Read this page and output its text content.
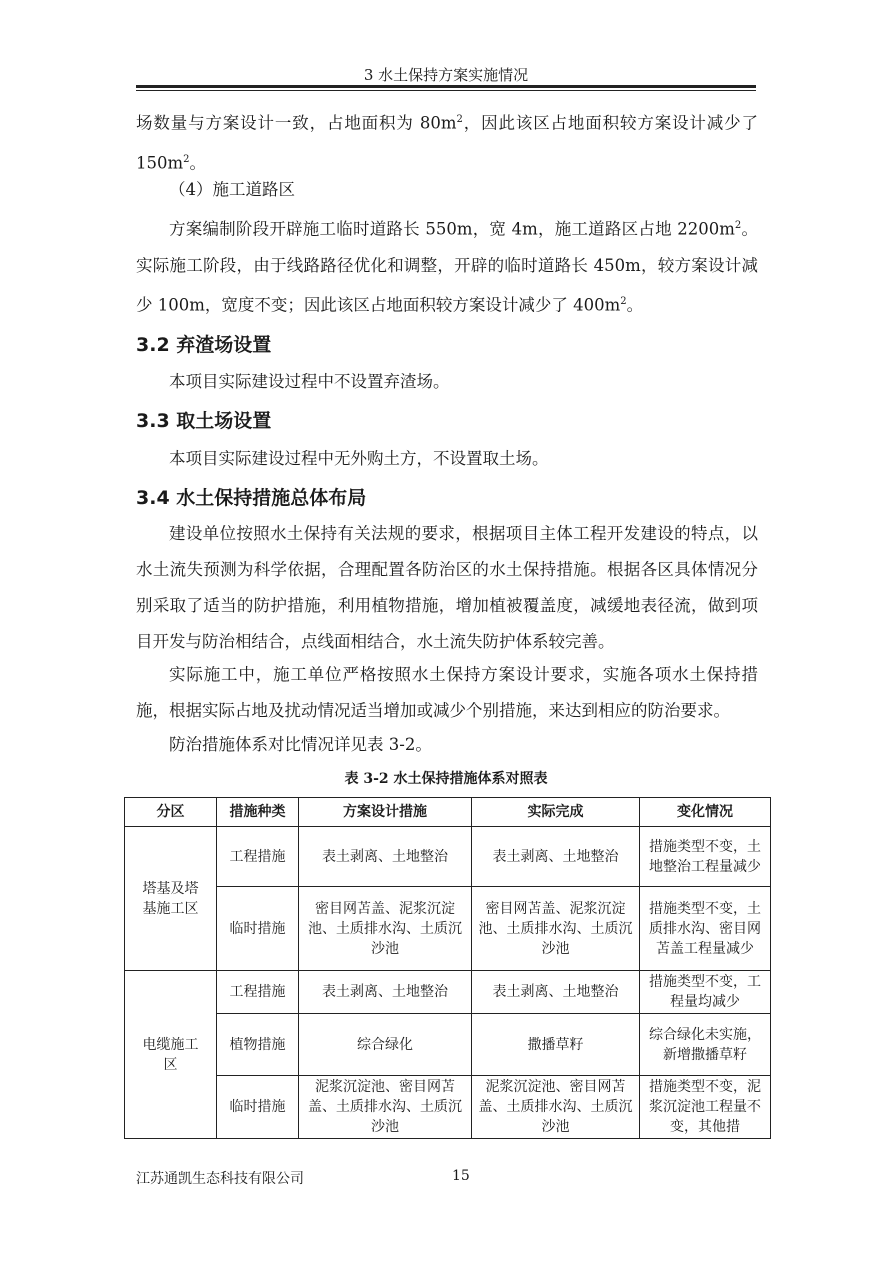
3 水土保持方案实施情况

场数量与方案设计一致，占地面积为 $80m^2$，因此该区占地面积较方案设计减少了 $150m^2$。

（4）施工道路区

方案编制阶段开辟施工临时道路长 550m，宽 4m，施工道路区占地 $2200m^2$。实际施工阶段，由于线路路径优化和调整，开辟的临时道路长 450m，较方案设计减少 100m，宽度不变；因此该区占地面积较方案设计减少了 $400m^2$。

3.2 弃渣场设置

本项目实际建设过程中不设置弃渣场。

3.3 取土场设置

本项目实际建设过程中无外购土方，不设置取土场。

3.4 水土保持措施总体布局

建设单位按照水土保持有关法规的要求，根据项目主体工程开发建设的特点，以水土流失预测为科学依据，合理配置各防治区的水土保持措施。根据各区具体情况分别采取了适当的防护措施，利用植物措施，增加植被覆盖度，减缓地表径流，做到项目开发与防治相结合，点线面相结合，水土流失防护体系较完善。

实际施工中，施工单位严格按照水土保持方案设计要求，实施各项水土保持措施，根据实际占地及扰动情况适当增加或减少个别措施，来达到相应的防治要求。

防治措施体系对比情况详见表 3-2。

表 3-2 水土保持措施体系对照表
分区	措施种类	方案设计措施	实际完成	变化情况
塔基及塔基施工区	工程措施	表土剥离、土地整治	表土剥离、土地整治	措施类型不变，土地整治工程量减少
	临时措施	密目网苫盖、泥浆沉淀池、土质排水沟、土质沉沙池	密目网苫盖、泥浆沉淀池、土质排水沟、土质沉沙池	措施类型不变，土质排水沟、密目网苫盖工程量减少
电缆施工区	工程措施	表土剥离、土地整治	表土剥离、土地整治	措施类型不变，工程量均减少
	植物措施	综合绿化	撒播草籽	综合绿化未实施，新增撒播草籽
	临时措施	泥浆沉淀池、密目网苫盖、土质排水沟、土质沉沙池	泥浆沉淀池、密目网苫盖、土质排水沟、土质沉沙池	措施类型不变，泥浆沉淀池工程量不变，其他措
江苏通凯生态科技有限公司	15
